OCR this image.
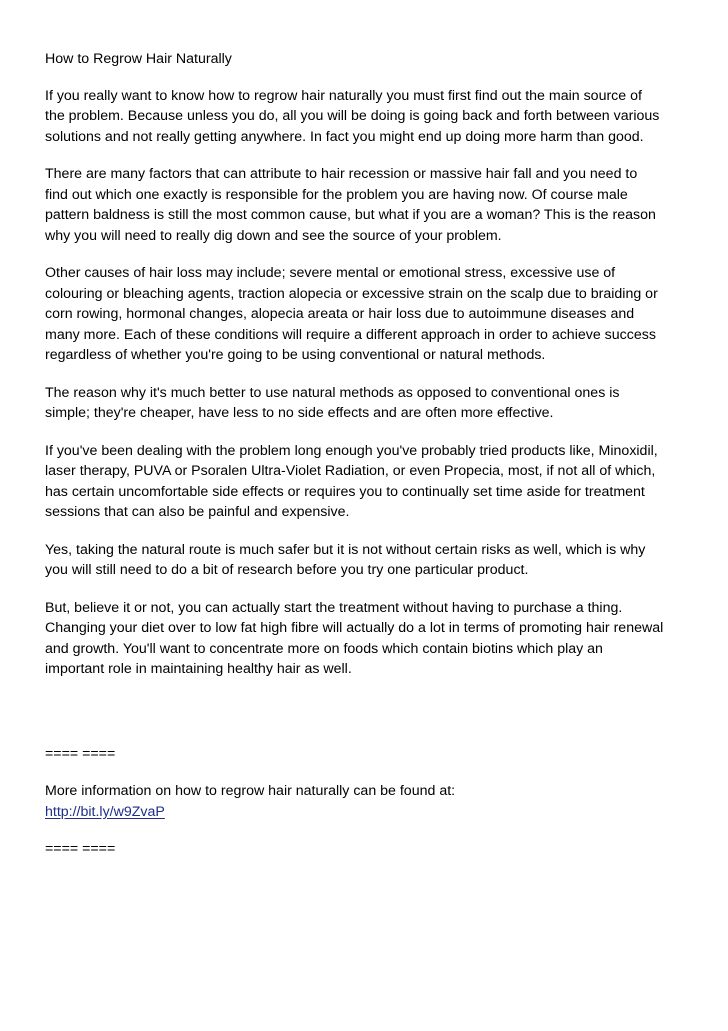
How to Regrow Hair Naturally
If you really want to know how to regrow hair naturally you must first find out the main source of
the problem. Because unless you do, all you will be doing is going back and forth between various
solutions and not really getting anywhere. In fact you might end up doing more harm than good.
There are many factors that can attribute to hair recession or massive hair fall and you need to
find out which one exactly is responsible for the problem you are having now. Of course male
pattern baldness is still the most common cause, but what if you are a woman? This is the reason
why you will need to really dig down and see the source of your problem.
Other causes of hair loss may include; severe mental or emotional stress, excessive use of
colouring or bleaching agents, traction alopecia or excessive strain on the scalp due to braiding or
corn rowing, hormonal changes, alopecia areata or hair loss due to autoimmune diseases and
many more. Each of these conditions will require a different approach in order to achieve success
regardless of whether you're going to be using conventional or natural methods.
The reason why it's much better to use natural methods as opposed to conventional ones is
simple; they're cheaper, have less to no side effects and are often more effective.
If you've been dealing with the problem long enough you've probably tried products like, Minoxidil,
laser therapy, PUVA or Psoralen Ultra-Violet Radiation, or even Propecia, most, if not all of which,
has certain uncomfortable side effects or requires you to continually set time aside for treatment
sessions that can also be painful and expensive.
Yes, taking the natural route is much safer but it is not without certain risks as well, which is why
you will still need to do a bit of research before you try one particular product.
But, believe it or not, you can actually start the treatment without having to purchase a thing.
Changing your diet over to low fat high fibre will actually do a lot in terms of promoting hair renewal
and growth. You'll want to concentrate more on foods which contain biotins which play an
important role in maintaining healthy hair as well.
==== ====
More information on how to regrow hair naturally can be found at:
http://bit.ly/w9ZvaP
==== ====
